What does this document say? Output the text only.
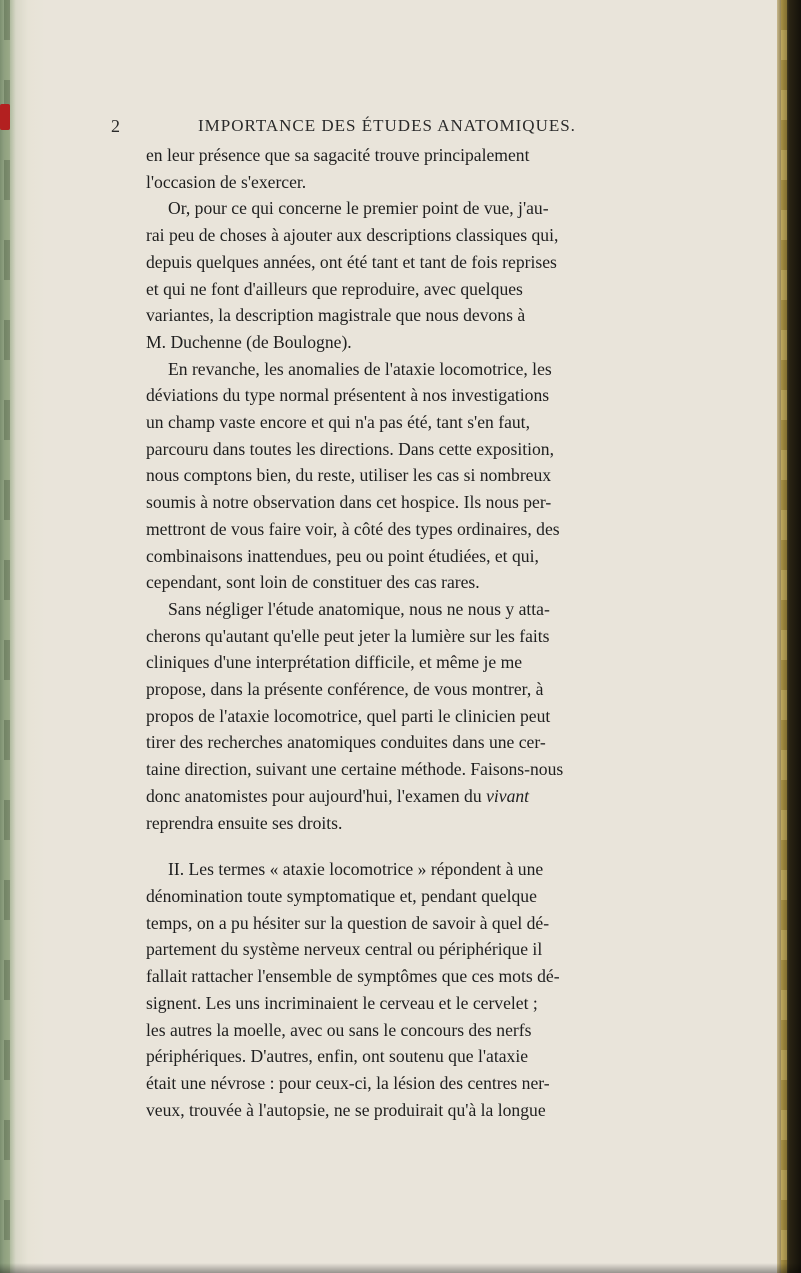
2	IMPORTANCE DES ÉTUDES ANATOMIQUES.
en leur présence que sa sagacité trouve principalement
l'occasion de s'exercer.
Or, pour ce qui concerne le premier point de vue, j'au-
rai peu de choses à ajouter aux descriptions classiques qui,
depuis quelques années, ont été tant et tant de fois reprises
et qui ne font d'ailleurs que reproduire, avec quelques
variantes, la description magistrale que nous devons à
M. Duchenne (de Boulogne).
En revanche, les anomalies de l'ataxie locomotrice, les
déviations du type normal présentent à nos investigations
un champ vaste encore et qui n'a pas été, tant s'en faut,
parcouru dans toutes les directions. Dans cette exposition,
nous comptons bien, du reste, utiliser les cas si nombreux
soumis à notre observation dans cet hospice. Ils nous per-
mettront de vous faire voir, à côté des types ordinaires, des
combinaisons inattendues, peu ou point étudiées, et qui,
cependant, sont loin de constituer des cas rares.
Sans négliger l'étude anatomique, nous ne nous y atta-
cherons qu'autant qu'elle peut jeter la lumière sur les faits
cliniques d'une interprétation difficile, et même je me
propose, dans la présente conférence, de vous montrer, à
propos de l'ataxie locomotrice, quel parti le clinicien peut
tirer des recherches anatomiques conduites dans une cer-
taine direction, suivant une certaine méthode. Faisons-nous
donc anatomistes pour aujourd'hui, l'examen du vivant
reprendra ensuite ses droits.
II. Les termes « ataxie locomotrice » répondent à une
dénomination toute symptomatique et, pendant quelque
temps, on a pu hésiter sur la question de savoir à quel dé-
partement du système nerveux central ou périphérique il
fallait rattacher l'ensemble de symptômes que ces mots dé-
signent. Les uns incriminaient le cerveau et le cervelet ;
les autres la moelle, avec ou sans le concours des nerfs
périphériques. D'autres, enfin, ont soutenu que l'ataxie
était une névrose : pour ceux-ci, la lésion des centres ner-
veux, trouvée à l'autopsie, ne se produirait qu'à la longue
